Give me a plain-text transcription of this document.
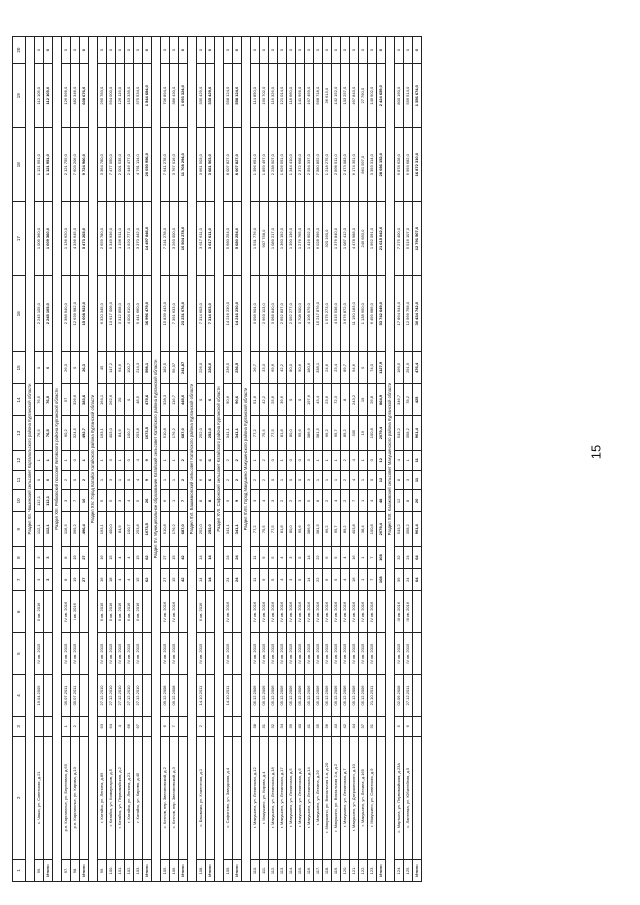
15
1	2	3	4	5	6	7	8	9	10	11	12	13	14	15	16	17	18	19	20
Раздел XII. Чашинский сельсовет Каргапольского района Курганской области																			
95.	с. Чаши, ул. Советская, д.21		19.04.2005	IV кв. 2015	II кв. 2016	3	3	112,1	112,1	0	1	76,5	76,5	0	2 245 105,0	1 009 360,0	1 121 951,0	112 105,0	0
Итого:						3	3	112,1	112,1	0	1	76,5	76,5	0	2 245 105,0	1 009 360,0	1 121 951,0	112 105,0	0
Раздел XIII. Рябковский поссовет Кетовского района Курганской области																			
97.	р.п. Каргаполье, ул. Береговая, д.63	1	05.07.2011	IV кв. 2015	IV кв. 2016	8	8	116,3	3	2	1	60,2	57	26,3	2 368 940,0	1 136 620,0	2 121 755,0	126 566,0	0
98.	р.п. Каргаполье, ул. Кирова, д.13	2	05.07.2011	IV кв. 2015	I кв. 2016	19	19	395,2	7	0	0	324,5	326,6	0	12 639 982,0	4 336 645,0	7 603 206,0	482 346,0	0
Итого:						27	27	496,4	10	2	1	492,7	383,6	26,3	15 008 922,0	5 473 265,0	9 724 960,0	608 676,0	0
Раздел XIV. Город Катайск Катайского района Курганской области																			
99.	г. Катайск, ул. Ленина, д.89	63	27.12.2010	IV кв. 2015	II кв. 2016	16	16	193,1	5	1	1	193,1	164,1	45	6 320 345,0	2 659 780,0	3 364 780,0	295 783,0	0
100.	г. Катайск, ул. Коммунаров, д.5	64	27.12.2010	IV кв. 2015	II кв. 2016	18	15	400,0	5	3	3	403,0	262,6	147,2	13 917 006,0	5 349 936,0	7 477 050,0	594 000,0	0
101.	г. Катайск, ул. Первомайская, д.2	4	27.12.2010	IV кв. 2015	II кв. 2016	4	4	84,9	3	1	1	84,9	20	64,9	3 312 858,0	1 196 911,0	2 001 535,0	126 119,0	0
102.	г. Катайск, ул. Ленина, д.21	66	27.12.2010	IV кв. 2015	II кв. 2016	4	4	100,7	4	0	0	100,7	0	100,7	4 004 610,0	1 920 777,0	2 446 477,0	153 339,0	0
103.	г. Катайск, ул. Кирова, д.45	67	27.12.2010	IV кв. 2015	II кв. 2016	15	15	253,8	5	4	4	253,8	48,5	214,3	9 441 660,0	3 370 442,0	4 761 114,0	375 534,0	0
Итого:						62	62	1073,5	26	9	9	1073,5	475,6	598,1	36 996 479,0	14 497 846,0	20 050 956,0	1 544 684,0	0
Раздел XV. Муниципальное образование Катайский сельсовет Катайского района Курганской области																			
105.	с. Котлов, пер. Звениговский, д.2	6	09.12.2008	IV кв. 2015	IV кв. 2016	27	27	510,8	6	1	1	510,8	328,3	182,5	15 839 443,0	7 241 278,0	7 941 278,0	706 894,0	0
106.	с. Котлов, пер. Звениговский, д.3	7	09.12.2008	IV кв. 2015	IV кв. 2016	15	15	176,2	1	1	1	176,2	116,7	59,37	7 391 633,0	3 263 000,0	3 767 016,0	386 430,0	0
Итого:						42	42	687,0	7	2	2	687,0	445,0	241,87	23 231 076,0	10 504 278,0	11 708 294,0	1 093 324,0	0
Раздел XVI. Башмаковский сельсовет Катайского района Курганской области																			
108.	с. Башмаки, ул. Клиентная, д.1	2	14.10.2011	IV кв. 2015	II кв. 2016	14	14	252,0	8	6	6	252,0	0	226,0	7 314 603,0	3 617 611,0	3 661 503,0	335 429,0	0
Итого:						14	14	252,0	8	6	6	252,0	0	226,0	7 314 603,0	3 617 611,0	3 661 503,0	335 429,0	0
Раздел XVII. Сафонский сельсовет Катайского района Курганской области																			
109.	с. Сафоново, ул. Заводская, д.4		14.10.2011	IV кв. 2015	IV кв. 2016	24	24	341,1	9	2	2	341,1	90,6	236,5	14 216 230,0	5 680 254,0	8 007 827,0	558 124,0	0
Итого:						24	24	341,1	9	2	2	341,1	90,6	236,5	14 216 230,0	5 680 254,0	8 007 827,0	558 124,0	0
Раздел XVIII. Город Макушино Макушинского района Курганской области																			
110.	г. Макушино, ул. Ленинская, д.12	38	05.12.2006	IV кв. 2015	IV кв. 2016	11	11	77,2	3	2	1	77,2	51,6	26,7	3 098 904,0	1 531 776,0	1 396 651,0	114 850,0	0
111.	г. Макушино, ул. Кирова, д.4	31	05.12.2006	IV кв. 2015	IV кв. 2016	9	9	75,5	4	2	2	75,5	42,2	33,3	2 963 113,0	907 758,0	1 859 497,0	190 702,0	0
112.	г. Макушино, ул. Ленинская, д.18	32	05.12.2006	IV кв. 2015	IV кв. 2016	5	5	77,5	3	0	0	77,5	25,6	69,6	3 068 840,0	1 089 217,0	2 238 007,0	116 326,0	0
113.	г. Макушино, ул. Ленинская, д.17	34	05.12.2006	IV кв. 2015	IV кв. 2016	4	4	81,8	2	1	1	81,8	39,6	42,2	2 692 837,0	1 360 192,0	1 626 551,0	121 014,0	0
114.	г. Макушино, ул. Ленинская, д.5	39	05.12.2006	IV кв. 2015	IV кв. 2016	3	3	80,0	2	0	0	80,0	0	80,0	2 092 277,0	1 390 136,0	1 344 410,0	118 660,0	0
115.	г. Макушино, ул. Ленинская, д.6	40	05.12.2006	IV кв. 2015	IV кв. 2016	5	5	95,6	3	0	0	95,6	0	90,6	3 708 500,0	1 276 765,0	2 372 668,0	141 956,0	0
116.	г. Макушино, ул. Ленинская, д.14	41	05.12.2006	IV кв. 2015	IV кв. 2016	14	14	386,9	5	3	3	386,9	197,6	180,6	4 106 979,0	1 416 902,0	2 594 337,0	197 459,0	0
117.	г. Макушино, ул. Ленина, д.29	35	05.12.2006	IV кв. 2015	IV кв. 2016	22	22	381,5	8	1	1	381,5	43,4	338,1	15 217 876,0	6 028 396,0	7 580 852,0	568 718,0	0
118.	г. Макушино, ул. Вокзальная 1-я, д.20	36	05.12.2006	IV кв. 2015	IV кв. 2016	6	6	66,2	2	1	1	66,2	23,6	24,6	1 575 273,0	320 160,0	1 218 275,0	36 613,0	0
119.	г. Макушино, ул. Вокзальная 2-я, д.2	43	05.12.2006	IV кв. 2015	IV кв. 2016	5	5	95,7	4	1	1	95,7	72,3	23,4	4 515 538,0	1 376 840,0	2 896 511,0	142 152,0	0
120.	г. Макушино, ул. Ленинская, д.7	42	05.12.2006	IV кв. 2015	IV кв. 2016	4	4	89,2	2	2	2	89,2	8	89,7	3 676 872,0	1 087 412,0	2 473 083,0	133 257,0	0
121.	г. Макушино, ул. Дзержинского, д.10	44	05.12.2006	IV кв. 2015	IV кв. 2016	16	16	403,8	7	4	4	335	243,2	94,6	11 150 183,0	4 478 988,0	6 174 351,0	497 843,0	0
122.	г. Макушино, ул. Ленина, д.165	37	05.12.2006	IV кв. 2015	IV кв. 2016	1	1	38,4	1	1	1	19	19	0	1 138 950,0	249 683,0	861 597,0	27 790,0	0
123.	г. Макушино, ул. Советская, д.9	31	21.10.2011	IV кв. 2015	IV кв. 2016	7	7	100,8	4	0	0	100,8	26,8	74,0	6 499 686,0	1 962 091,0	3 393 314,0	149 902,0	0
Итого:						108	108	2079,4	48	12	12	2079,4	864,9	1127,9	53 742 649,0	21 615 842,0	28 086 152,0	2 424 659,0	0
Раздел XIX. Казаковский сельсовет Макушинского района Курганской области																			
124.	с. Мартына, ул. Первомайская, д.23А	5	02.09.2008	IV кв. 2015	III кв. 2016	39	32	543,2	12	8	4	543,2	346,7	169,5	17 864 944,0	7 275 400,0	9 878 628,0	800 160,0	0
125.	с. Лаптевка, ул. Юбилейная, д.5	6	27.12.2011	IV кв. 2015	III кв. 2016	24	24	358,2	8	3	1	358,2	78,2	291,9	12 569 798,0	5 516 107,0	6 993 682,0	556 514,0	0
Итого:						64	64	901,4	20	11	11	901,4	425	476,4	30 434 742,0	12 791 507,0	16 872 310,0	1 356 674,0	0
